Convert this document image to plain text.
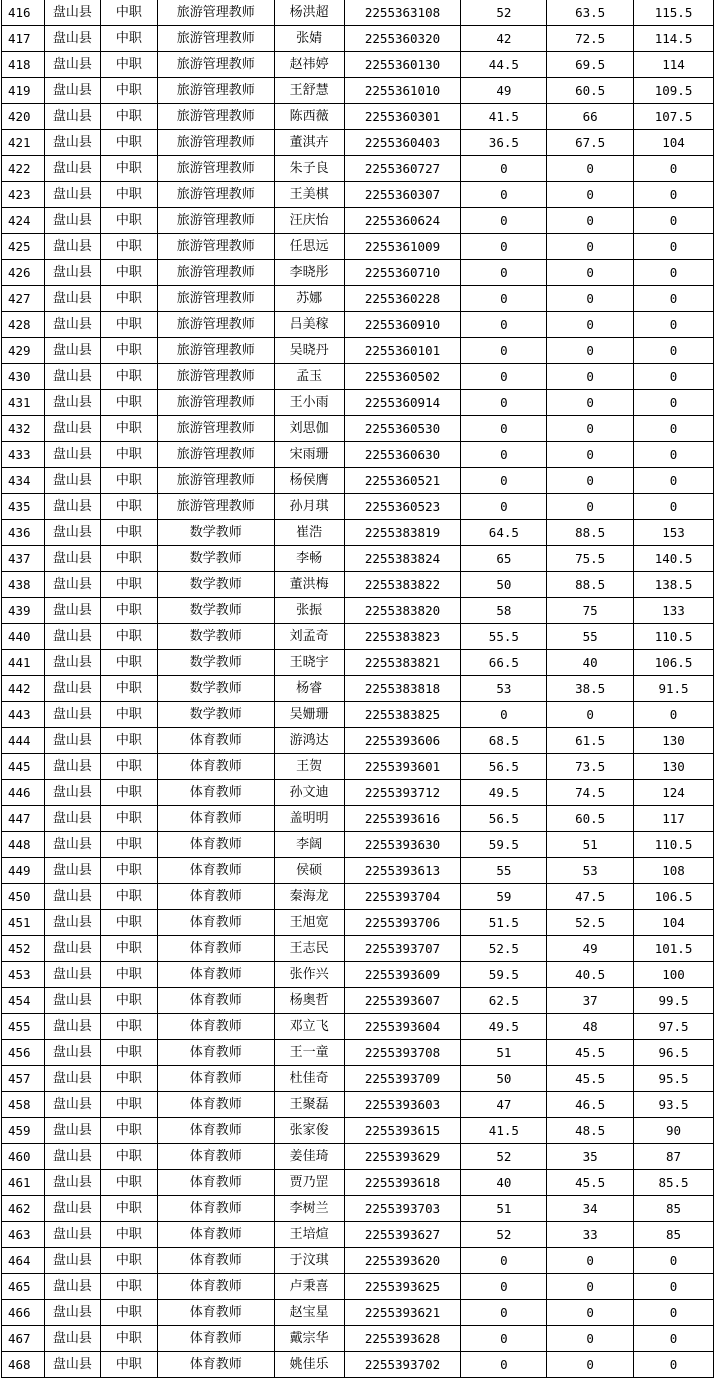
416	盘山县	中职	旅游管理教师	杨洪超	2255363108	52	63.5	115.5
417	盘山县	中职	旅游管理教师	张婧	2255360320	42	72.5	114.5
418	盘山县	中职	旅游管理教师	赵祎婷	2255360130	44.5	69.5	114
419	盘山县	中职	旅游管理教师	王舒慧	2255361010	49	60.5	109.5
420	盘山县	中职	旅游管理教师	陈西薇	2255360301	41.5	66	107.5
421	盘山县	中职	旅游管理教师	董淇卉	2255360403	36.5	67.5	104
422	盘山县	中职	旅游管理教师	朱子良	2255360727	0	0	0
423	盘山县	中职	旅游管理教师	王美棋	2255360307	0	0	0
424	盘山县	中职	旅游管理教师	汪庆怡	2255360624	0	0	0
425	盘山县	中职	旅游管理教师	任思远	2255361009	0	0	0
426	盘山县	中职	旅游管理教师	李晓彤	2255360710	0	0	0
427	盘山县	中职	旅游管理教师	苏娜	2255360228	0	0	0
428	盘山县	中职	旅游管理教师	吕美稼	2255360910	0	0	0
429	盘山县	中职	旅游管理教师	吴晓丹	2255360101	0	0	0
430	盘山县	中职	旅游管理教师	孟玉	2255360502	0	0	0
431	盘山县	中职	旅游管理教师	王小雨	2255360914	0	0	0
432	盘山县	中职	旅游管理教师	刘思伽	2255360530	0	0	0
433	盘山县	中职	旅游管理教师	宋雨珊	2255360630	0	0	0
434	盘山县	中职	旅游管理教师	杨侯膺	2255360521	0	0	0
435	盘山县	中职	旅游管理教师	孙月琪	2255360523	0	0	0
436	盘山县	中职	数学教师	崔浩	2255383819	64.5	88.5	153
437	盘山县	中职	数学教师	李畅	2255383824	65	75.5	140.5
438	盘山县	中职	数学教师	董洪梅	2255383822	50	88.5	138.5
439	盘山县	中职	数学教师	张振	2255383820	58	75	133
440	盘山县	中职	数学教师	刘孟奇	2255383823	55.5	55	110.5
441	盘山县	中职	数学教师	王晓宇	2255383821	66.5	40	106.5
442	盘山县	中职	数学教师	杨睿	2255383818	53	38.5	91.5
443	盘山县	中职	数学教师	吴姗珊	2255383825	0	0	0
444	盘山县	中职	体育教师	游鸿达	2255393606	68.5	61.5	130
445	盘山县	中职	体育教师	王贺	2255393601	56.5	73.5	130
446	盘山县	中职	体育教师	孙文迪	2255393712	49.5	74.5	124
447	盘山县	中职	体育教师	盖明明	2255393616	56.5	60.5	117
448	盘山县	中职	体育教师	李阔	2255393630	59.5	51	110.5
449	盘山县	中职	体育教师	侯硕	2255393613	55	53	108
450	盘山县	中职	体育教师	秦海龙	2255393704	59	47.5	106.5
451	盘山县	中职	体育教师	王旭宽	2255393706	51.5	52.5	104
452	盘山县	中职	体育教师	王志民	2255393707	52.5	49	101.5
453	盘山县	中职	体育教师	张作兴	2255393609	59.5	40.5	100
454	盘山县	中职	体育教师	杨奥哲	2255393607	62.5	37	99.5
455	盘山县	中职	体育教师	邓立飞	2255393604	49.5	48	97.5
456	盘山县	中职	体育教师	王一童	2255393708	51	45.5	96.5
457	盘山县	中职	体育教师	杜佳奇	2255393709	50	45.5	95.5
458	盘山县	中职	体育教师	王聚磊	2255393603	47	46.5	93.5
459	盘山县	中职	体育教师	张家俊	2255393615	41.5	48.5	90
460	盘山县	中职	体育教师	姜佳琦	2255393629	52	35	87
461	盘山县	中职	体育教师	贾乃罡	2255393618	40	45.5	85.5
462	盘山县	中职	体育教师	李树兰	2255393703	51	34	85
463	盘山县	中职	体育教师	王培煊	2255393627	52	33	85
464	盘山县	中职	体育教师	于汶琪	2255393620	0	0	0
465	盘山县	中职	体育教师	卢秉喜	2255393625	0	0	0
466	盘山县	中职	体育教师	赵宝星	2255393621	0	0	0
467	盘山县	中职	体育教师	戴宗华	2255393628	0	0	0
468	盘山县	中职	体育教师	姚佳乐	2255393702	0	0	0
